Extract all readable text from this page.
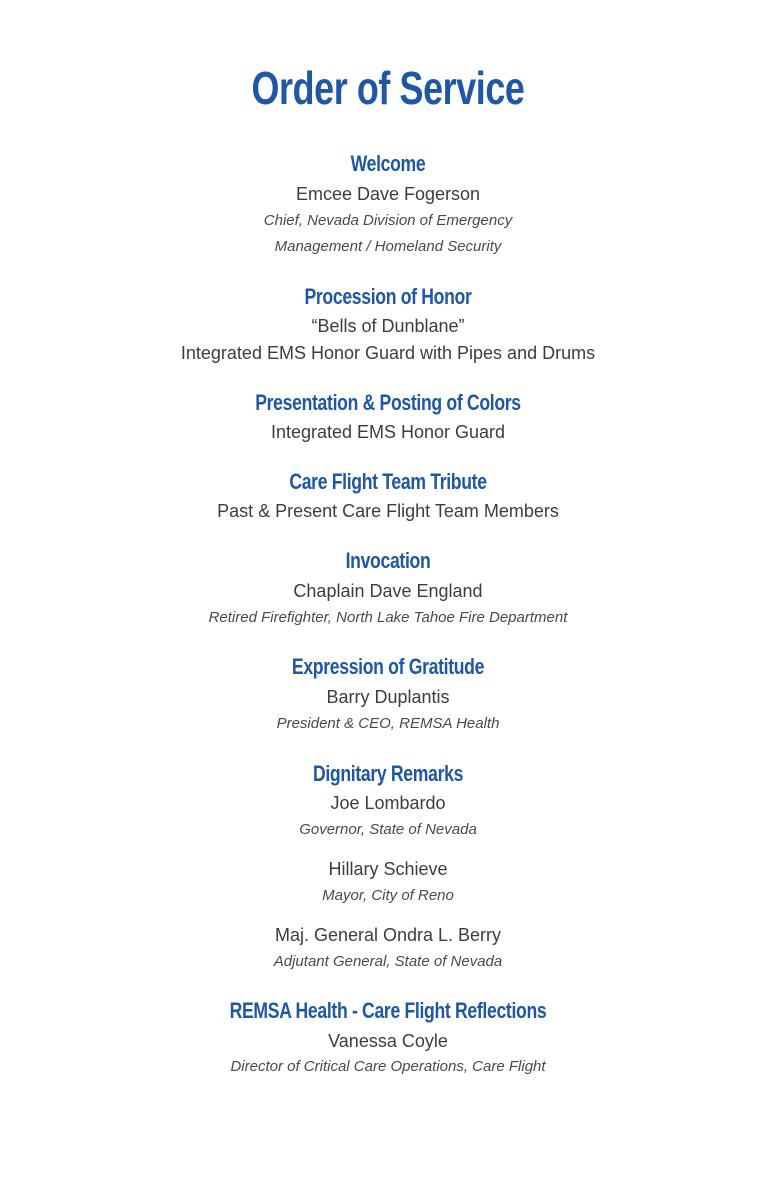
Order of Service
Welcome

Emcee Dave Fogerson

Chief, Nevada Division of Emergency

Management / Homeland Security

Procession of Honor

“Bells of Dunblane”

Integrated EMS Honor Guard with Pipes and Drums

Presentation & Posting of Colors

Integrated EMS Honor Guard

Care Flight Team Tribute

Past & Present Care Flight Team Members

Invocation

Chaplain Dave England

Retired Firefighter, North Lake Tahoe Fire Department

Expression of Gratitude

Barry Duplantis

President & CEO, REMSA Health

Dignitary Remarks

Joe Lombardo

Governor, State of Nevada

Hillary Schieve

Mayor, City of Reno

Maj. General Ondra L. Berry

Adjutant General, State of Nevada

REMSA Health - Care Flight Reflections

Vanessa Coyle

Director of Critical Care Operations, Care Flight
